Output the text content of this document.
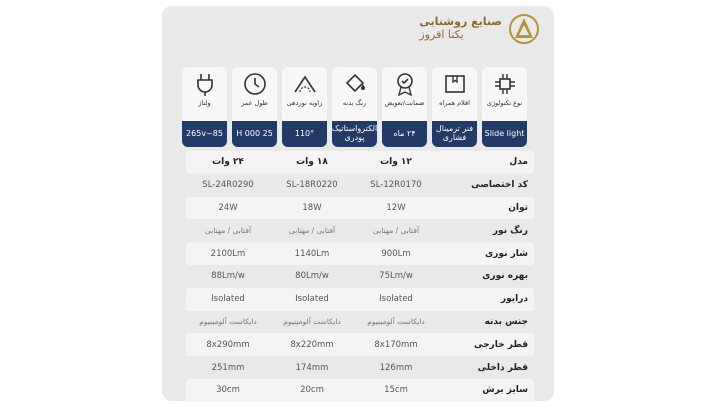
صنایع روشنایی
یکتا افروز
ولتاژ
85~265v
طول عمر
25 000 H
زاویه نوردهی
110°
رنگ بدنه
الکترواستاتیک پودری
ضمانت/تعویض
۲۴ ماه
اقلام همراه
فنر ترمینال فشاری
نوع تکنولوژی
Slide light
۲۴ وات	۱۸ وات	۱۲ وات	مدل
SL-24R0290	SL-18R0220	SL-12R0170	کد اختصاصی
24W	18W	12W	توان
آفتابی / مهتابی	آفتابی / مهتابی	آفتابی / مهتابی	رنگ نور
2100Lm	1140Lm	900Lm	شار نوری
88Lm/w	80Lm/w	75Lm/w	بهره نوری
Isolated	Isolated	Isolated	درایور
دایکاست آلومینیوم	دایکاست آلومینیوم	دایکاست آلومینیوم	جنس بدنه
8x290mm	8x220mm	8x170mm	قطر خارجی
251mm	174mm	126mm	قطر داخلی
30cm	20cm	15cm	سایز برش
